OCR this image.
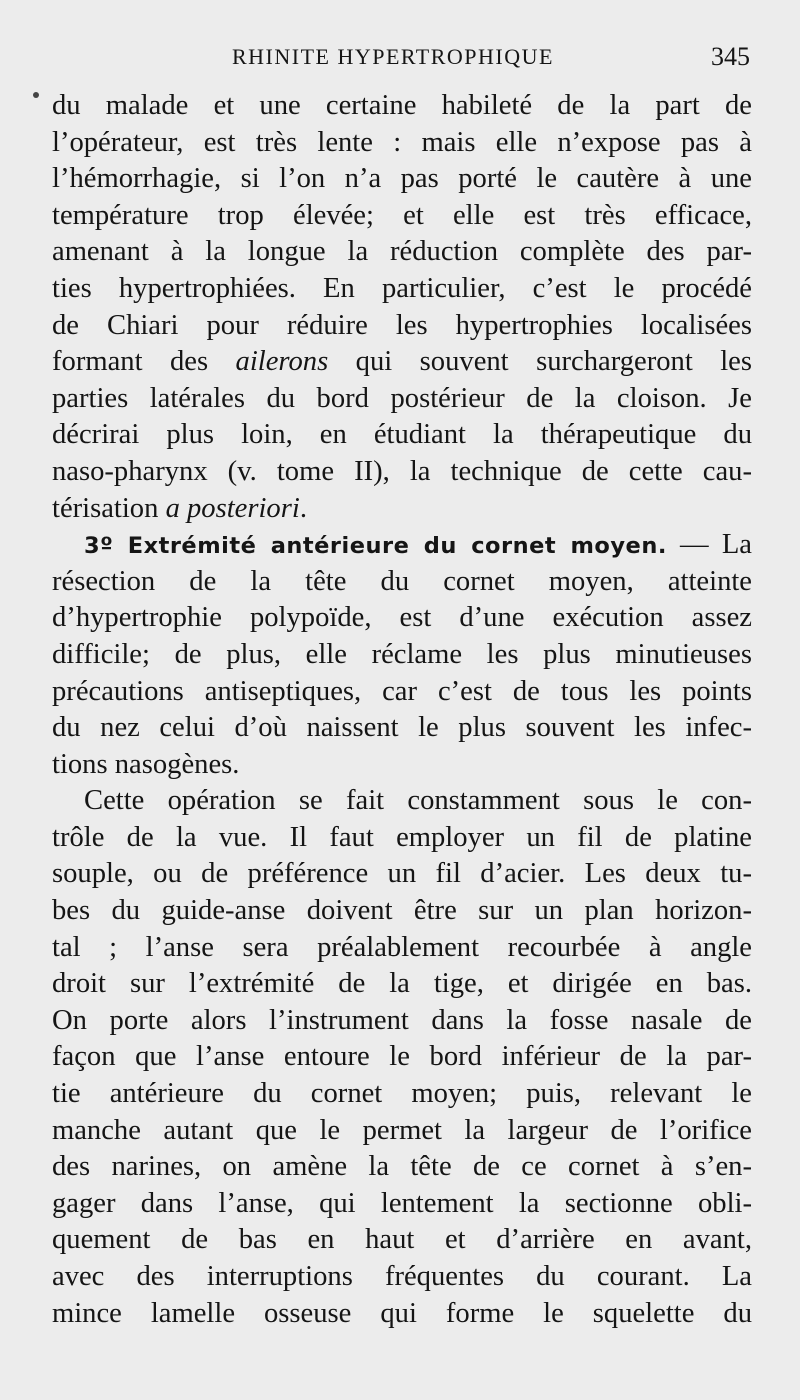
RHINITE HYPERTROPHIQUE	345
du malade et une certaine habileté de la part de
l’opérateur, est très lente : mais elle n’expose pas à
l’hémorrhagie, si l’on n’a pas porté le cautère à une
température trop élevée; et elle est très efficace,
amenant à la longue la réduction complète des par-
ties hypertrophiées. En particulier, c’est le procédé
de Chiari pour réduire les hypertrophies localisées
formant des ailerons qui souvent surchargeront les
parties latérales du bord postérieur de la cloison. Je
décrirai plus loin, en étudiant la thérapeutique du
naso-pharynx (v. tome II), la technique de cette cau-
térisation a posteriori.
3º Extrémité antérieure du cornet moyen. — La
résection de la tête du cornet moyen, atteinte
d’hypertrophie polypoïde, est d’une exécution assez
difficile; de plus, elle réclame les plus minutieuses
précautions antiseptiques, car c’est de tous les points
du nez celui d’où naissent le plus souvent les infec-
tions nasogènes.
Cette opération se fait constamment sous le con-
trôle de la vue. Il faut employer un fil de platine
souple, ou de préférence un fil d’acier. Les deux tu-
bes du guide-anse doivent être sur un plan horizon-
tal ; l’anse sera préalablement recourbée à angle
droit sur l’extrémité de la tige, et dirigée en bas.
On porte alors l’instrument dans la fosse nasale de
façon que l’anse entoure le bord inférieur de la par-
tie antérieure du cornet moyen; puis, relevant le
manche autant que le permet la largeur de l’orifice
des narines, on amène la tête de ce cornet à s’en-
gager dans l’anse, qui lentement la sectionne obli-
quement de bas en haut et d’arrière en avant,
avec des interruptions fréquentes du courant. La
mince lamelle osseuse qui forme le squelette du
